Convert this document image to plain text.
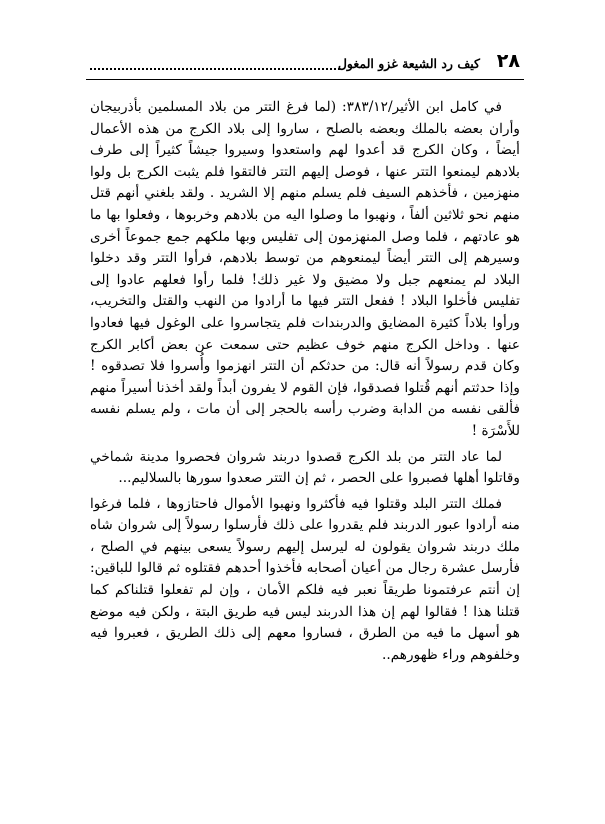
٢٨
كيف رد الشيعة غزو المغول

في كامل ابن الأثير/٣٨٣/١٢: (لما فرغ التتر من بلاد المسلمين بأذربيجان وأران بعضه بالملك وبعضه بالصلح ، ساروا إلى بلاد الكرج من هذه الأعمال أيضاً ، وكان الكرج قد أعدوا لهم واستعدوا وسيروا جيشاً كثيراً إلى طرف بلادهم ليمنعوا التتر عنها ، فوصل إليهم التتر فالتقوا فلم يثبت الكرج بل ولوا منهزمين ، فأخذهم السيف فلم يسلم منهم إلا الشريد . ولقد بلغني أنهم قتل منهم نحو ثلاثين ألفاً ، ونهبوا ما وصلوا اليه من بلادهم وخربوها ، وفعلوا بها ما هو عادتهم ، فلما وصل المنهزمون إلى تفليس وبها ملكهم جمع جموعاً أخرى وسيرهم إلى التتر أيضاً ليمنعوهم من توسط بلادهم، فرأوا التتر وقد دخلوا البلاد لم يمنعهم جبل ولا مضيق ولا غير ذلك! فلما رأوا فعلهم عادوا إلى تفليس فأخلوا البلاد ! ففعل التتر فيها ما أرادوا من النهب والقتل والتخريب، ورأوا بلاداً كثيرة المضايق والدربندات فلم يتجاسروا على الوغول فيها فعادوا عنها . وداخل الكرج منهم خوف عظيم حتى سمعت عن بعض أكابر الكرج وكان قدم رسولاً أنه قال: من حدثكم أن التتر انهزموا وأُسروا فلا تصدقوه ! وإذا حدثتم أنهم قُتلوا فصدقوا، فإن القوم لا يفرون أبداً ولقد أخذنا أسيراً منهم فألقى نفسه من الدابة وضرب رأسه بالحجر إلى أن مات ، ولم يسلم نفسه للأَسْرَة !

لما عاد التتر من بلد الكرج قصدوا دربند شروان فحصروا مدينة شماخي وقاتلوا أهلها فصبروا على الحصر ، ثم إن التتر صعدوا سورها بالسلاليم...

فملك التتر البلد وقتلوا فيه فأكثروا ونهبوا الأموال فاحتازوها ، فلما فرغوا منه أرادوا عبور الدربند فلم يقدروا على ذلك فأرسلوا رسولاً إلى شروان شاه ملك دربند شروان يقولون له ليرسل إليهم رسولاً يسعى بينهم في الصلح ، فأرسل عشرة رجال من أعيان أصحابه فأخذوا أحدهم فقتلوه ثم قالوا للباقين: إن أنتم عرفتمونا طريقاً نعبر فيه فلكم الأمان ، وإن لم تفعلوا قتلناكم كما قتلنا هذا ! فقالوا لهم إن هذا الدربند ليس فيه طريق البتة ، ولكن فيه موضع هو أسهل ما فيه من الطرق ، فساروا معهم إلى ذلك الطريق ، فعبروا فيه وخلفوهم وراء ظهورهم..
